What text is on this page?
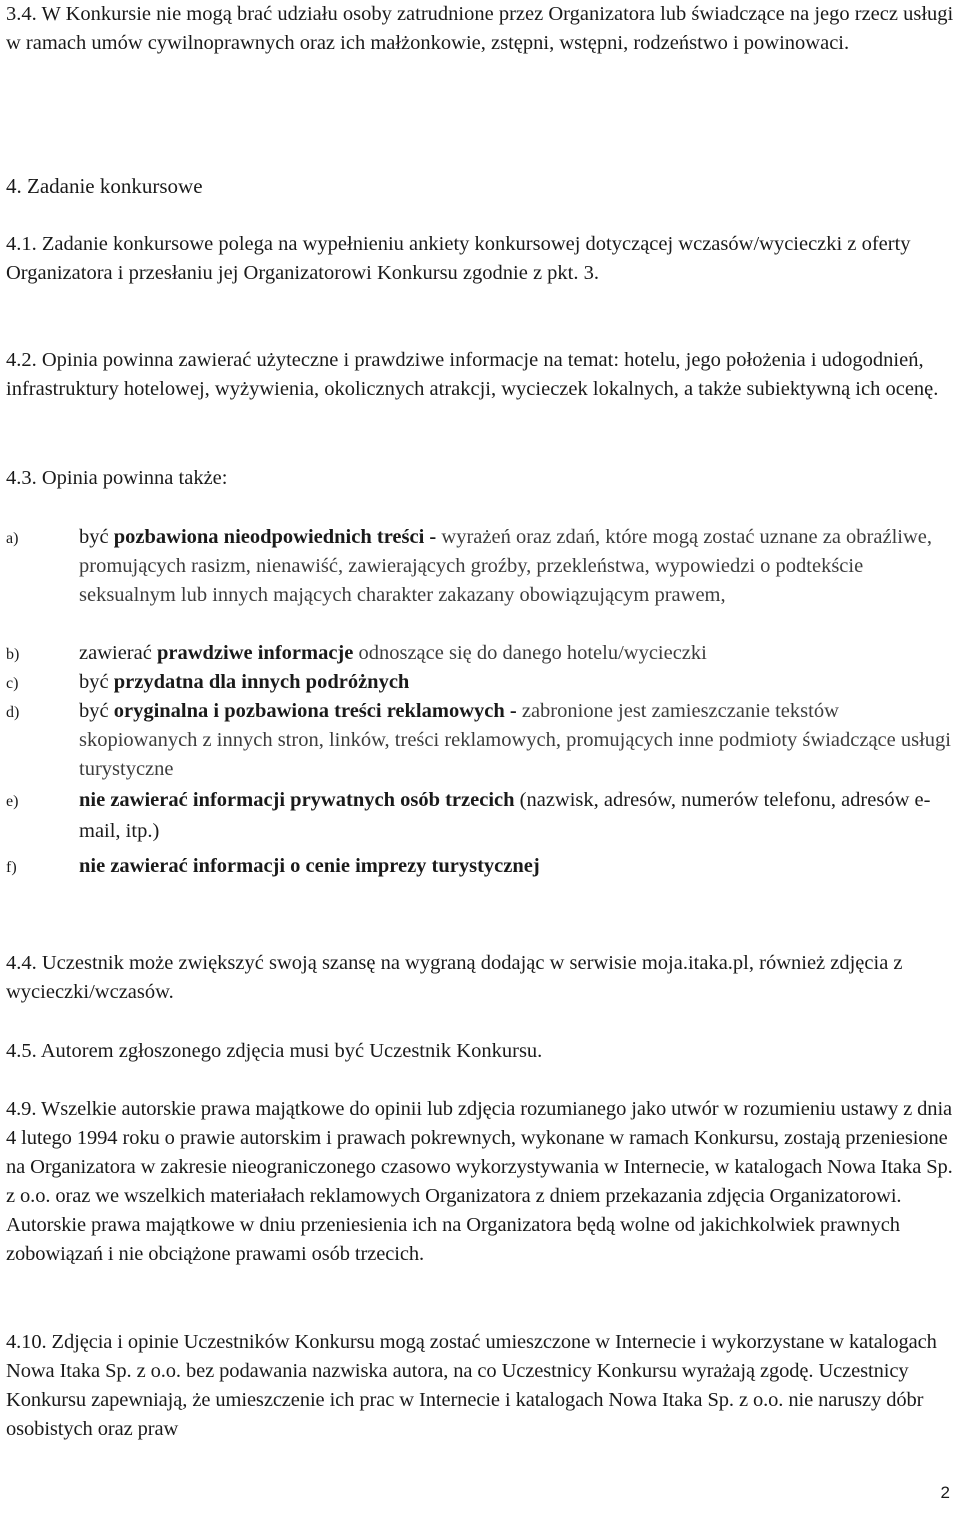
3.4. W Konkursie nie mogą brać udziału osoby zatrudnione przez Organizatora lub świadczące na jego rzecz usługi w ramach umów cywilnoprawnych oraz ich małżonkowie, zstępni, wstępni, rodzeństwo i powinowaci.

4. Zadanie konkursowe

4.1. Zadanie konkursowe polega na wypełnieniu ankiety konkursowej dotyczącej wczasów/wycieczki z oferty Organizatora i przesłaniu jej Organizatorowi Konkursu zgodnie z pkt. 3.

4.2. Opinia powinna zawierać użyteczne i prawdziwe informacje na temat: hotelu, jego położenia i udogodnień, infrastruktury hotelowej, wyżywienia, okolicznych atrakcji, wycieczek lokalnych, a także subiektywną ich ocenę.

4.3. Opinia powinna także:

a)	być pozbawiona nieodpowiednich treści - wyrażeń oraz zdań, które mogą zostać uznane za obraźliwe, promujących rasizm, nienawiść, zawierających groźby, przekleństwa, wypowiedzi o podtekście seksualnym lub innych mających charakter zakazany obowiązującym prawem,
b)	zawierać prawdziwe informacje odnoszące się do danego hotelu/wycieczki
c)	być przydatna dla innych podróżnych
d)	być oryginalna i pozbawiona treści reklamowych - zabronione jest zamieszczanie tekstów skopiowanych z innych stron, linków, treści reklamowych, promujących inne podmioty świadczące usługi turystyczne
e)	nie zawierać informacji prywatnych osób trzecich (nazwisk, adresów, numerów telefonu, adresów e-mail, itp.)
f)	nie zawierać informacji o cenie imprezy turystycznej

4.4. Uczestnik może zwiększyć swoją szansę na wygraną dodając w serwisie moja.itaka.pl, również zdjęcia z wycieczki/wczasów.

4.5. Autorem zgłoszonego zdjęcia musi być Uczestnik Konkursu.

4.9. Wszelkie autorskie prawa majątkowe do opinii lub zdjęcia rozumianego jako utwór w rozumieniu ustawy z dnia 4 lutego 1994 roku o prawie autorskim i prawach pokrewnych, wykonane w ramach Konkursu, zostają przeniesione na Organizatora w zakresie nieograniczonego czasowo wykorzystywania w Internecie, w katalogach Nowa Itaka Sp. z o.o. oraz we wszelkich materiałach reklamowych Organizatora z dniem przekazania zdjęcia Organizatorowi. Autorskie prawa majątkowe w dniu przeniesienia ich na Organizatora będą wolne od jakichkolwiek prawnych zobowiązań i nie obciążone prawami osób trzecich.

4.10. Zdjęcia i opinie Uczestników Konkursu mogą zostać umieszczone w Internecie i wykorzystane w katalogach Nowa Itaka Sp. z o.o. bez podawania nazwiska autora, na co Uczestnicy Konkursu wyrażają zgodę. Uczestnicy Konkursu zapewniają, że umieszczenie ich prac w Internecie i katalogach Nowa Itaka Sp. z o.o. nie naruszy dóbr osobistych oraz praw

2
